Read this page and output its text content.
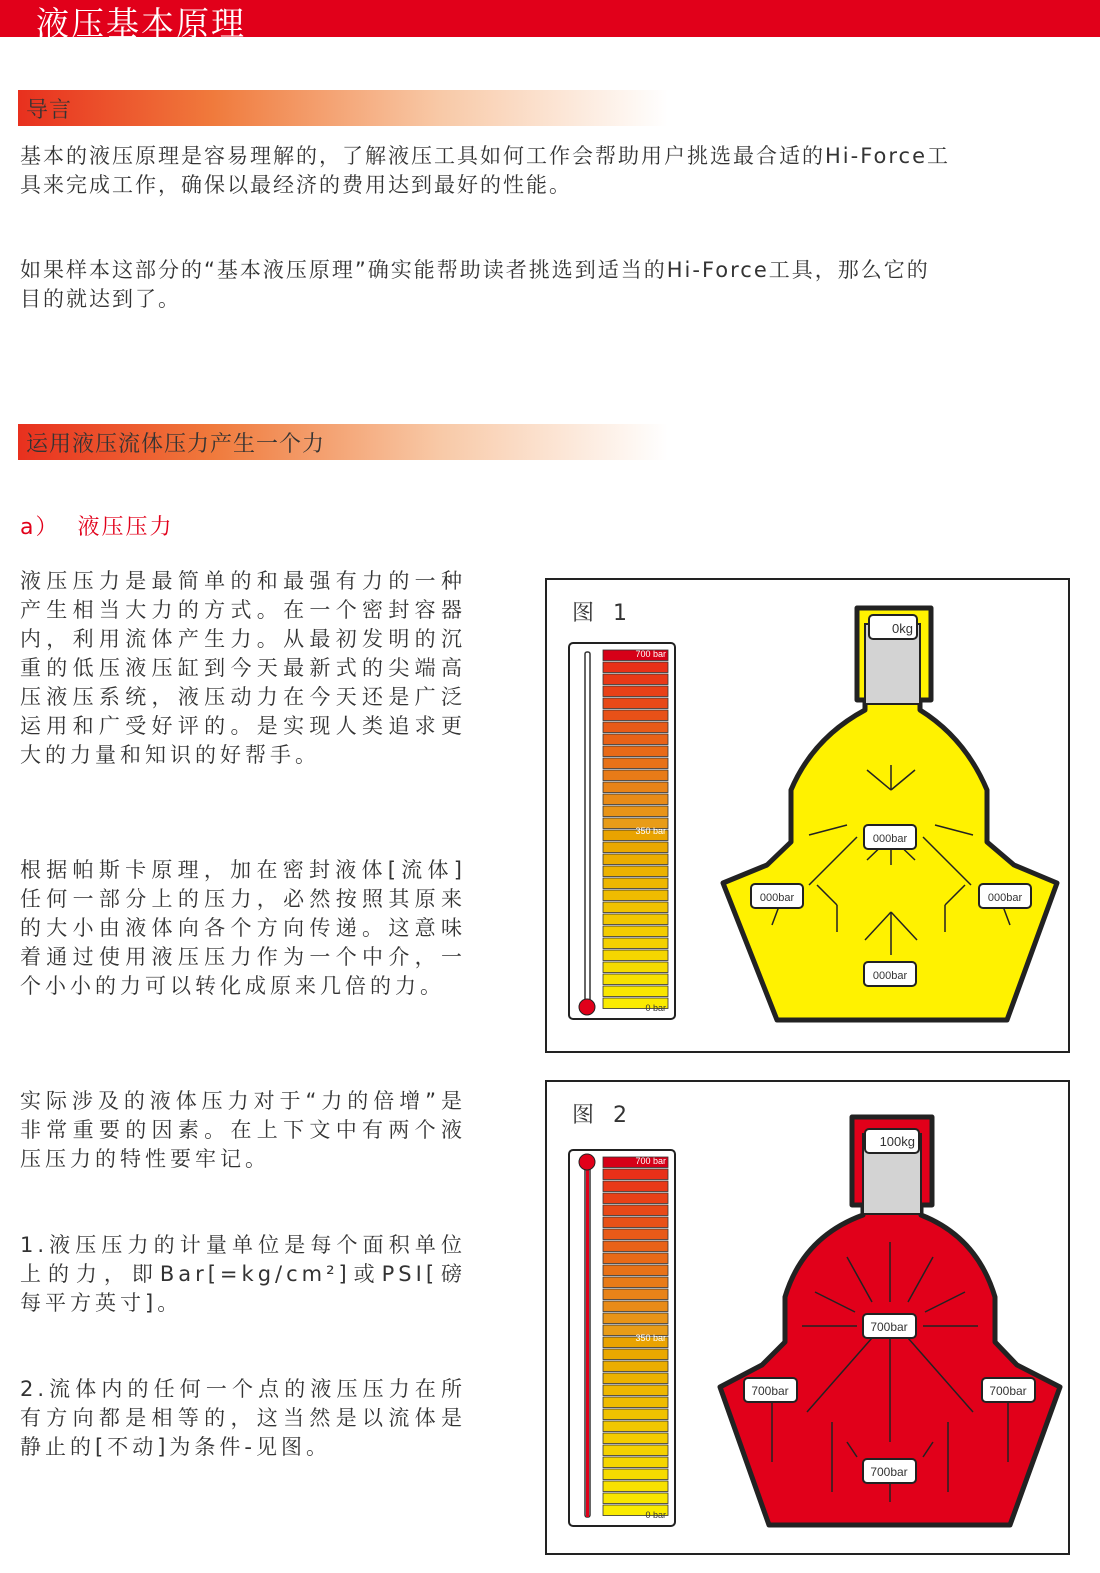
液压基本原理
导言
基本的液压原理是容易理解的，了解液压工具如何工作会帮助用户挑选最合适的Hi-Force工
具来完成工作，确保以最经济的费用达到最好的性能。
如果样本这部分的“基本液压原理”确实能帮助读者挑选到适当的Hi-Force工具，那么它的
目的就达到了。
运用液压流体压力产生一个力
a） 液压压力
液压压力是最简单的和最强有力的一种产生相当大力的方式。在一个密封容器内，利用流体产生力。从最初发明的沉重的低压液压缸到今天最新式的尖端高压液压系统，液压动力在今天还是广泛运用和广受好评的。是实现人类追求更大的力量和知识的好帮手。
根据帕斯卡原理，加在密封液体[流体]任何一部分上的压力，必然按照其原来的大小由液体向各个方向传递。这意味着通过使用液压压力作为一个中介，一个小小的力可以转化成原来几倍的力。
实际涉及的液体压力对于“力的倍增”是非常重要的因素。在上下文中有两个液压压力的特性要牢记。
1.液压压力的计量单位是每个面积单位上的力，即Bar[=kg/cm²]或PSI[磅每平方英寸]。
2.流体内的任何一个点的液压压力在所有方向都是相等的，这当然是以流体是静止的[不动]为条件-见图。
图 1
700 bar
350 bar
0 bar
0kg
000bar
000bar	000bar
000bar
图 2
700 bar
350 bar
0 bar
100kg
700bar
700bar	700bar
700bar
